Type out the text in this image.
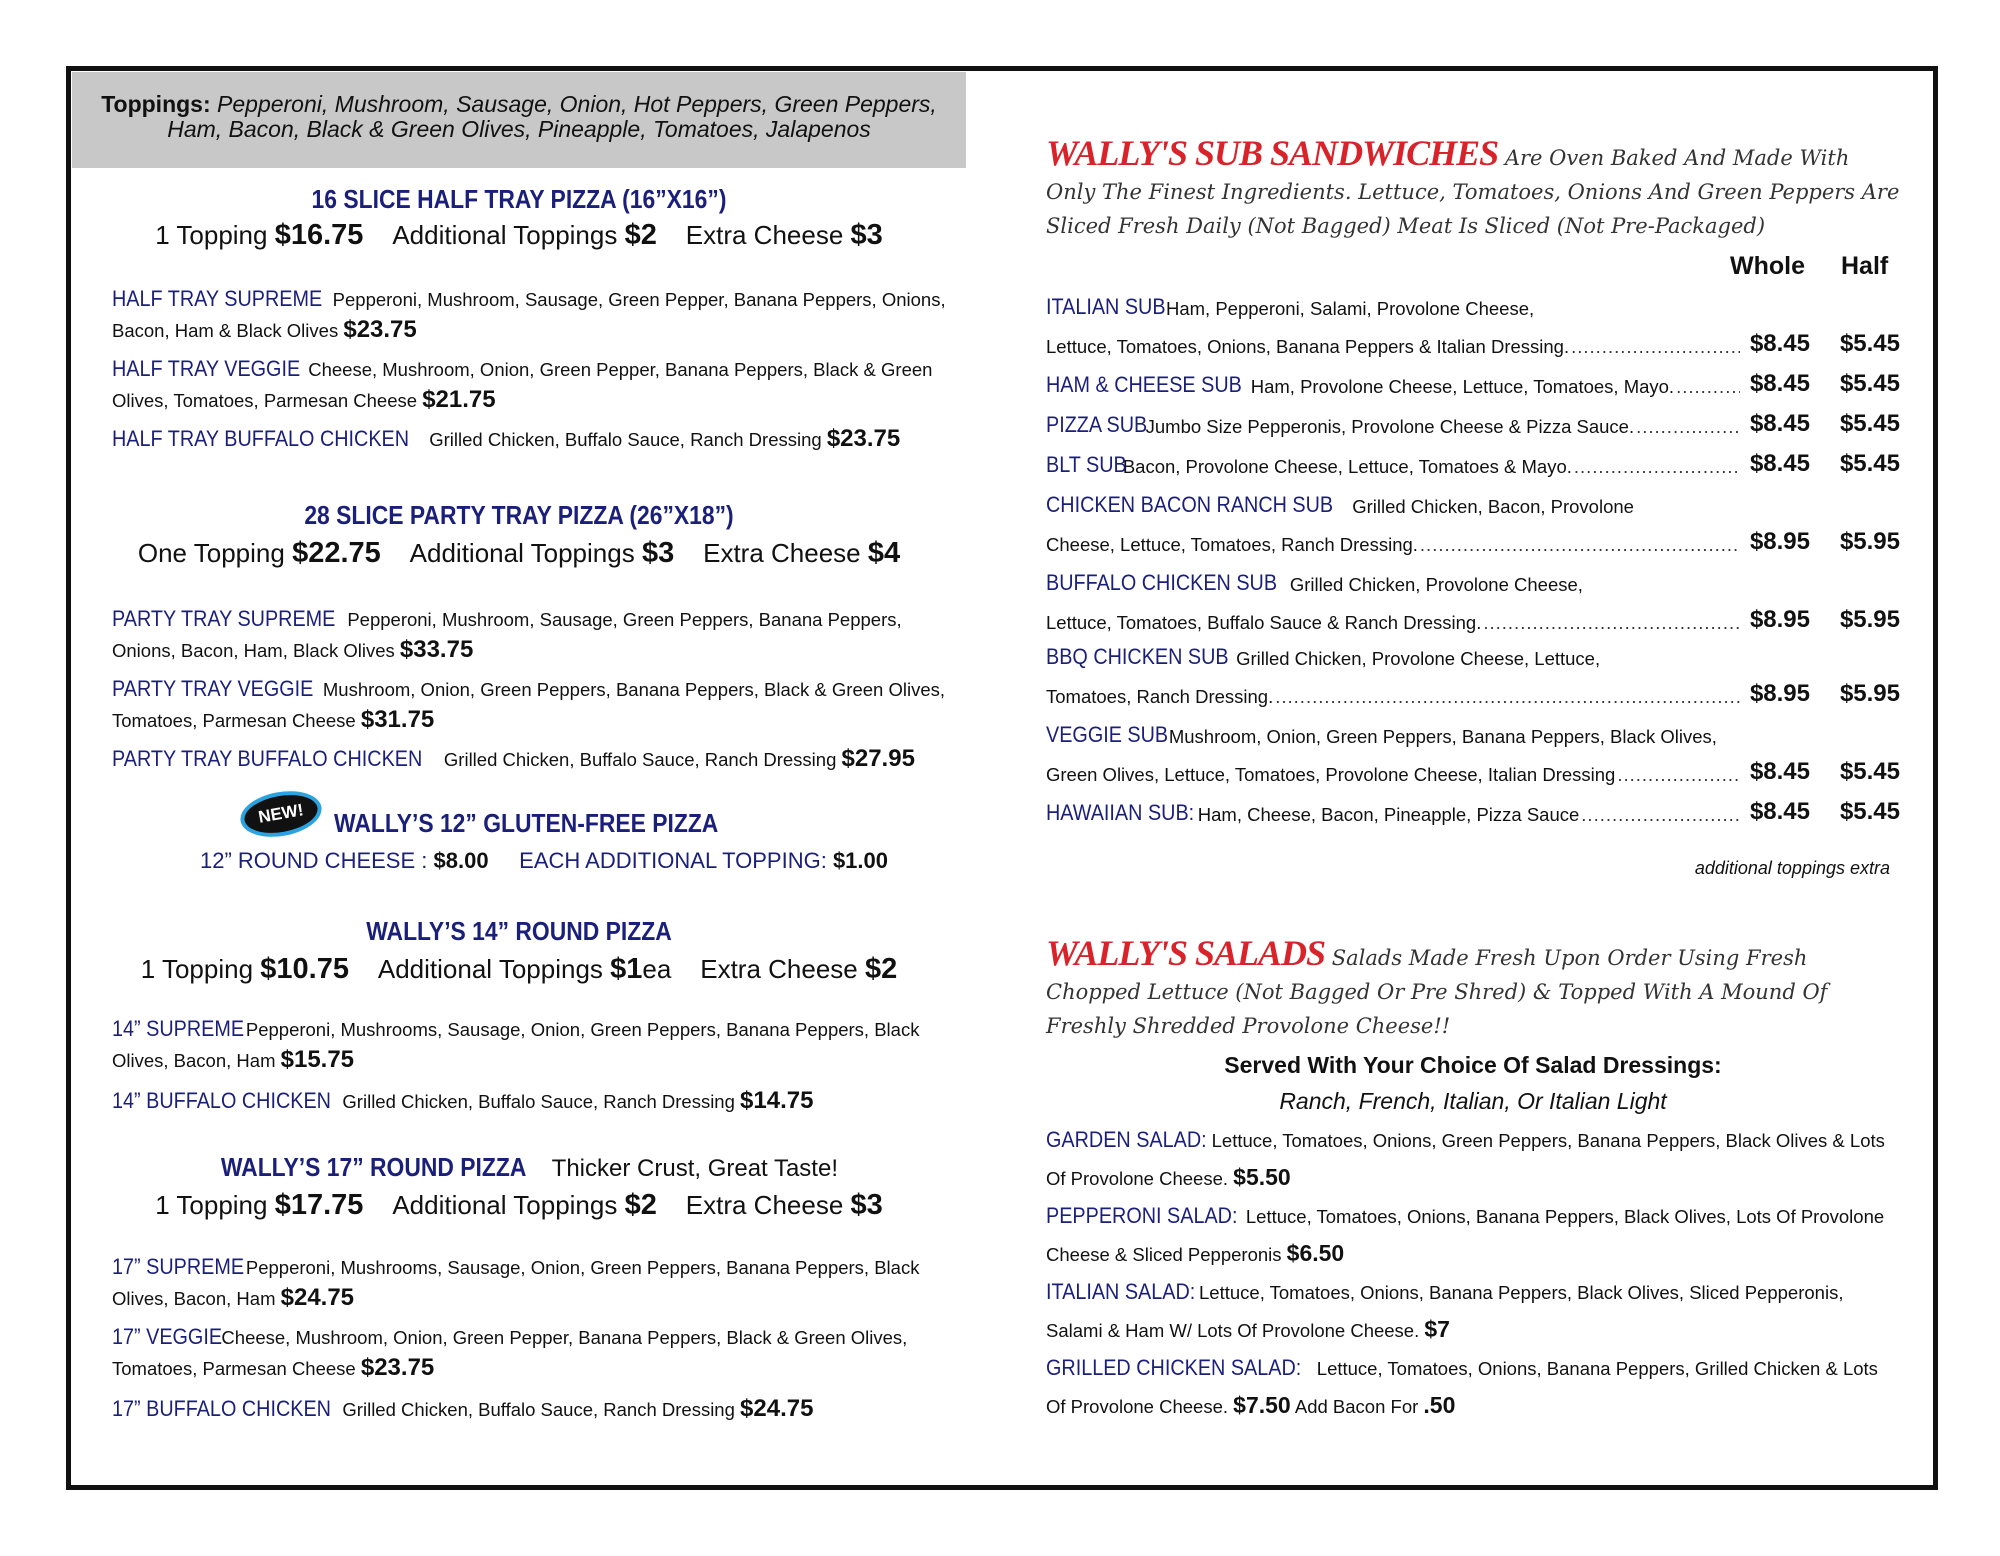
Toppings: Pepperoni, Mushroom, Sausage, Onion, Hot Peppers, Green Peppers,
Ham, Bacon, Black & Green Olives, Pineapple, Tomatoes, Jalapenos
16 SLICE HALF TRAY PIZZA (16”X16”)
1 Topping $16.75 Additional Toppings $2 Extra Cheese $3
HALF TRAY SUPREME Pepperoni, Mushroom, Sausage, Green Pepper, Banana Peppers, Onions, Bacon, Ham & Black Olives $23.75
HALF TRAY VEGGIE Cheese, Mushroom, Onion, Green Pepper, Banana Peppers, Black & Green Olives, Tomatoes, Parmesan Cheese $21.75
HALF TRAY BUFFALO CHICKEN Grilled Chicken, Buffalo Sauce, Ranch Dressing $23.75
28 SLICE PARTY TRAY PIZZA (26”X18”)
One Topping $22.75 Additional Toppings $3 Extra Cheese $4
PARTY TRAY SUPREME Pepperoni, Mushroom, Sausage, Green Peppers, Banana Peppers, Onions, Bacon, Ham, Black Olives $33.75
PARTY TRAY VEGGIE Mushroom, Onion, Green Peppers, Banana Peppers, Black & Green Olives, Tomatoes, Parmesan Cheese $31.75
PARTY TRAY BUFFALO CHICKEN Grilled Chicken, Buffalo Sauce, Ranch Dressing $27.95
NEW!	WALLY’S 12” GLUTEN-FREE PIZZA
12” ROUND CHEESE : $8.00 EACH ADDITIONAL TOPPING: $1.00
WALLY’S 14” ROUND PIZZA
1 Topping $10.75 Additional Toppings $1ea Extra Cheese $2
14” SUPREME Pepperoni, Mushrooms, Sausage, Onion, Green Peppers, Banana Peppers, Black Olives, Bacon, Ham $15.75
14” BUFFALO CHICKEN Grilled Chicken, Buffalo Sauce, Ranch Dressing $14.75
WALLY’S 17” ROUND PIZZA Thicker Crust, Great Taste!
1 Topping $17.75 Additional Toppings $2 Extra Cheese $3
17” SUPREME Pepperoni, Mushrooms, Sausage, Onion, Green Peppers, Banana Peppers, Black Olives, Bacon, Ham $24.75
17” VEGGIE Cheese, Mushroom, Onion, Green Pepper, Banana Peppers, Black & Green Olives, Tomatoes, Parmesan Cheese $23.75
17” BUFFALO CHICKEN Grilled Chicken, Buffalo Sauce, Ranch Dressing $24.75
WALLY'S SUB SANDWICHES Are Oven Baked And Made With Only The Finest Ingredients. Lettuce, Tomatoes, Onions And Green Peppers Are Sliced Fresh Daily (Not Bagged) Meat Is Sliced (Not Pre-Packaged)
Whole Half
ITALIAN SUB
Ham, Pepperoni, Salami, Provolone Cheese,
Lettuce, Tomatoes, Onions, Banana Peppers & Italian Dressing. .....	$8.45	$5.45
HAM & CHEESE SUB
Ham, Provolone Cheese, Lettuce, Tomatoes, Mayo. .....	$8.45	$5.45
PIZZA SUB

Jumbo Size Pepperonis, Provolone Cheese & Pizza Sauce. .....	$8.45	$5.45
BLT SUB

Bacon, Provolone Cheese, Lettuce, Tomatoes & Mayo. .....	$8.45	$5.45
CHICKEN BACON RANCH SUB
Grilled Chicken, Bacon, Provolone
Cheese, Lettuce, Tomatoes, Ranch Dressing. .....	$8.95	$5.95
BUFFALO CHICKEN SUB
Grilled Chicken, Provolone Cheese,
Lettuce, Tomatoes, Buffalo Sauce & Ranch Dressing. .....	$8.95	$5.95
BBQ CHICKEN SUB
Grilled Chicken, Provolone Cheese, Lettuce,
Tomatoes, Ranch Dressing. .....	$8.95	$5.95
VEGGIE SUB
Mushroom, Onion, Green Peppers, Banana Peppers, Black Olives,
Green Olives, Lettuce, Tomatoes, Provolone Cheese, Italian Dressing .....	$8.45	$5.45
HAWAIIAN SUB:
Ham, Cheese, Bacon, Pineapple, Pizza Sauce .....	$8.45	$5.45
additional toppings extra
WALLY'S SALADS Salads Made Fresh Upon Order Using Fresh Chopped Lettuce (Not Bagged Or Pre Shred) & Topped With A Mound Of Freshly Shredded Provolone Cheese!!
Served With Your Choice Of Salad Dressings:
Ranch, French, Italian, Or Italian Light
GARDEN SALAD: Lettuce, Tomatoes, Onions, Green Peppers, Banana Peppers, Black Olives & Lots Of Provolone Cheese. $5.50
PEPPERONI SALAD: Lettuce, Tomatoes, Onions, Banana Peppers, Black Olives, Lots Of Provolone Cheese & Sliced Pepperonis $6.50
ITALIAN SALAD: Lettuce, Tomatoes, Onions, Banana Peppers, Black Olives, Sliced Pepperonis, Salami & Ham W/ Lots Of Provolone Cheese. $7
GRILLED CHICKEN SALAD: Lettuce, Tomatoes, Onions, Banana Peppers, Grilled Chicken & Lots Of Provolone Cheese. $7.50 Add Bacon For .50
